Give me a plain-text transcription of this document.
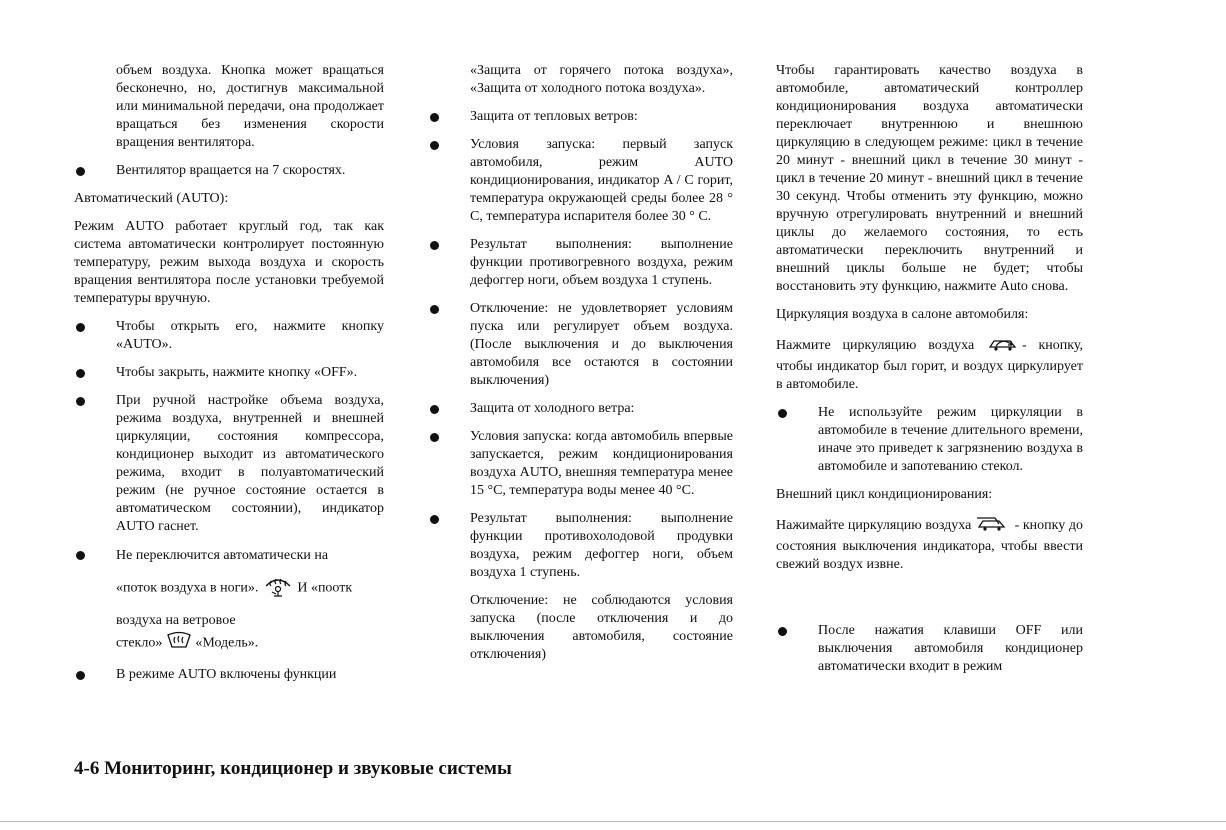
объем воздуха. Кнопка может вращаться бесконечно, но, достигнув максимальной или минимальной передачи, она продолжает вращаться без изменения скорости вращения вентилятора.

Вентилятор вращается на 7 скоростях.

Автоматический (AUTO):

Режим AUTO работает круглый год, так как система автоматически контролирует постоянную температуру, режим выхода воздуха и скорость вращения вентилятора после установки требуемой температуры вручную.

Чтобы открыть его, нажмите кнопку «AUTO».
Чтобы закрыть, нажмите кнопку «OFF».
При ручной настройке объема воздуха, режима воздуха, внутренней и внешней циркуляции, состояния компрессора, кондиционер выходит из автоматического режима, входит в полуавтоматический режим (не ручное состояние остается в автоматическом состоянии), индикатор AUTO гаснет.
Не переключится автоматически на
«поток воздуха в ноги».	И «поотк
воздуха на ветровое
стекло» «Модель».
В режиме AUTO включены функции

«Защита от горячего потока воздуха», «Защита от холодного потока воздуха».

Защита от тепловых ветров:
Условия запуска: первый запуск автомобиля, режим AUTO кондиционирования, индикатор A / C горит, температура окружающей среды более 28 ° C, температура испарителя более 30 ° C.
Результат выполнения: выполнение функции противогревного воздуха, режим дефоггер ноги, объем воздуха 1 ступень.
Отключение: не удовлетворяет условиям пуска или регулирует объем воздуха. (После выключения и до выключения автомобиля все остаются в состоянии выключения)
Защита от холодного ветра:
Условия запуска: когда автомобиль впервые запускается, режим кондиционирования воздуха AUTO, внешняя температура менее 15 °C, температура воды менее 40 °C.
Результат выполнения: выполнение функции противохолодовой продувки воздуха, режим дефоггер ноги, объем воздуха 1 ступень.

Отключение: не соблюдаются условия запуска (после отключения и до выключения автомобиля, состояние отключения)

Чтобы гарантировать качество воздуха в автомобиле, автоматический контроллер кондиционирования воздуха автоматически переключает внутреннюю и внешнюю циркуляцию в следующем режиме: цикл в течение 20 минут - внешний цикл в течение 30 минут - цикл в течение 20 минут - внешний цикл в течение 30 секунд. Чтобы отменить эту функцию, можно вручную отрегулировать внутренний и внешний циклы до желаемого состояния, то есть автоматически переключить внутренний и внешний циклы больше не будет; чтобы восстановить эту функцию, нажмите Auto снова.

Циркуляция воздуха в салоне автомобиля:

Нажмите циркуляцию воздуха	- кнопку, чтобы индикатор был горит, и воздух циркулирует в автомобиле.

Не используйте режим циркуляции в автомобиле в течение длительного времени, иначе это приведет к загрязнению воздуха в автомобиле и запотеванию стекол.

Внешний цикл кондиционирования:

Нажимайте циркуляцию воздуха	- кнопку до состояния выключения индикатора, чтобы ввести свежий воздух извне.

После нажатия клавиши OFF или выключения автомобиля кондиционер автоматически входит в режим
4-6 Мониторинг, кондиционер и звуковые системы
